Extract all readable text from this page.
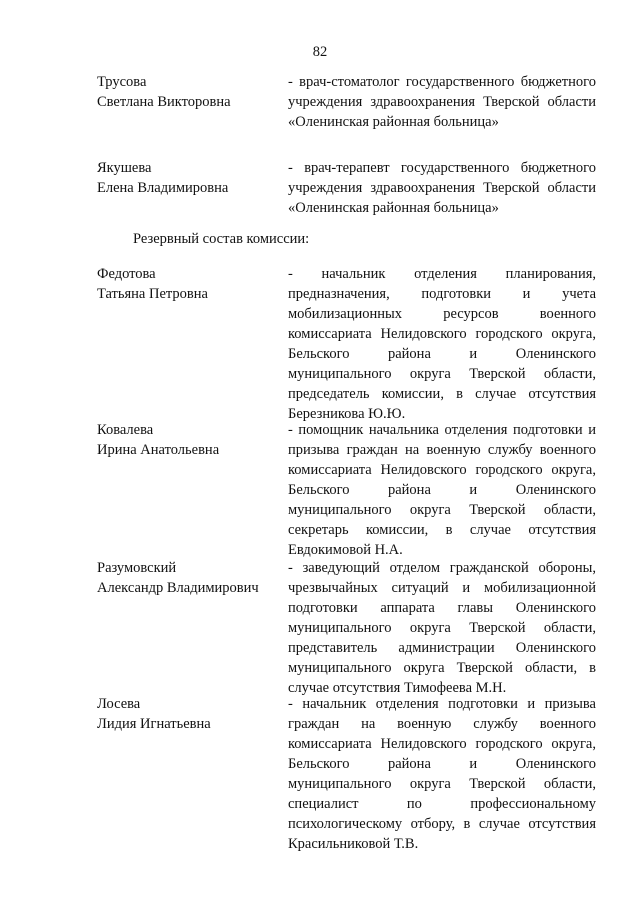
82
Трусова
Светлана Викторовна
- врач-стоматолог государственного бюджетного учреждения здравоохранения Тверской области «Оленинская районная больница»
Якушева
Елена Владимировна
- врач-терапевт государственного бюджетного учреждения здравоохранения Тверской области «Оленинская районная больница»
Резервный состав комиссии:
Федотова
Татьяна Петровна
- начальник отделения планирования, предназначения, подготовки и учета мобилизационных ресурсов военного комиссариата Нелидовского городского округа, Бельского района и Оленинского муниципального округа Тверской области, председатель комиссии, в случае отсутствия Березникова Ю.Ю.
Ковалева
Ирина Анатольевна
- помощник начальника отделения подготовки и призыва граждан на военную службу военного комиссариата Нелидовского городского округа, Бельского района и Оленинского муниципального округа Тверской области, секретарь комиссии, в случае отсутствия Евдокимовой Н.А.
Разумовский
Александр Владимирович
- заведующий отделом гражданской обороны, чрезвычайных ситуаций и мобилизационной подготовки аппарата главы Оленинского муниципального округа Тверской области, представитель администрации Оленинского муниципального округа Тверской области, в случае отсутствия Тимофеева М.Н.
Лосева
Лидия Игнатьевна
- начальник отделения подготовки и призыва граждан на военную службу военного комиссариата Нелидовского городского округа, Бельского района и Оленинского муниципального округа Тверской области, специалист по профессиональному психологическому отбору, в случае отсутствия Красильниковой Т.В.
